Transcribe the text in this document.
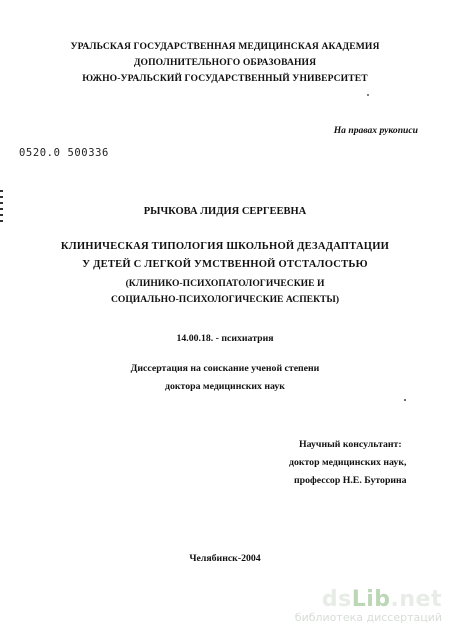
УРАЛЬСКАЯ ГОСУДАРСТВЕННАЯ МЕДИЦИНСКАЯ АКАДЕМИЯ
ДОПОЛНИТЕЛЬНОГО ОБРАЗОВАНИЯ
ЮЖНО-УРАЛЬСКИЙ ГОСУДАРСТВЕННЫЙ УНИВЕРСИТЕТ
На правах рукописи
0520.0 500336
РЫЧКОВА ЛИДИЯ СЕРГЕЕВНА
КЛИНИЧЕСКАЯ ТИПОЛОГИЯ ШКОЛЬНОЙ ДЕЗАДАПТАЦИИ
У ДЕТЕЙ С ЛЕГКОЙ УМСТВЕННОЙ ОТСТАЛОСТЬЮ
(КЛИНИКО-ПСИХОПАТОЛОГИЧЕСКИЕ И
СОЦИАЛЬНО-ПСИХОЛОГИЧЕСКИЕ АСПЕКТЫ)
14.00.18. - психиатрия
Диссертация на соискание ученой степени
доктора медицинских наук
Научный консультант:
доктор медицинских наук,
профессор Н.Е. Буторина
Челябинск-2004
dsLib.net
библиотека диссертаций
